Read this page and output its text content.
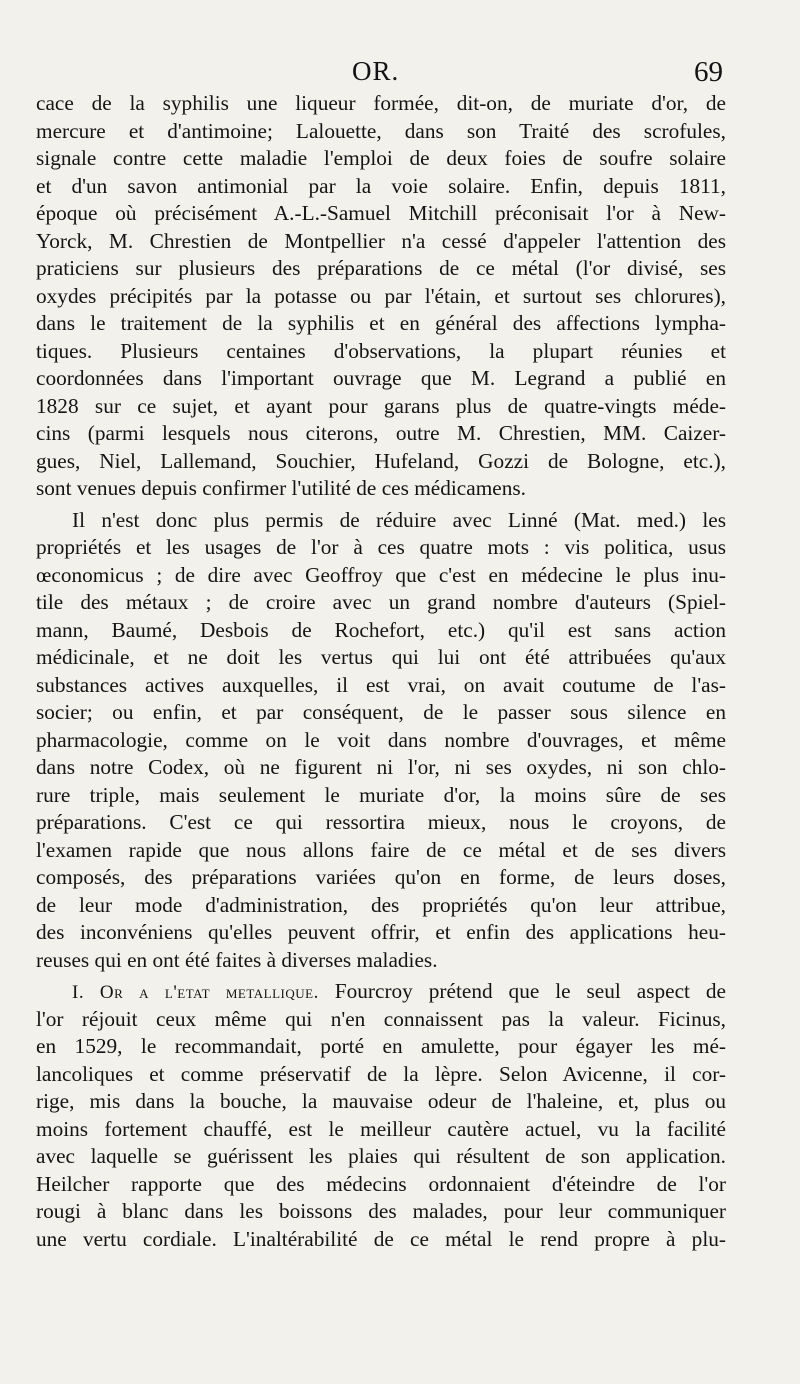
OR.	69
cace de la syphilis une liqueur formée, dit-on, de muriate d'or, de
mercure et d'antimoine; Lalouette, dans son Traité des scrofules,
signale contre cette maladie l'emploi de deux foies de soufre solaire
et d'un savon antimonial par la voie solaire. Enfin, depuis 1811,
époque où précisément A.-L.-Samuel Mitchill préconisait l'or à New-
Yorck, M. Chrestien de Montpellier n'a cessé d'appeler l'attention des
praticiens sur plusieurs des préparations de ce métal (l'or divisé, ses
oxydes précipités par la potasse ou par l'étain, et surtout ses chlorures),
dans le traitement de la syphilis et en général des affections lympha-
tiques. Plusieurs centaines d'observations, la plupart réunies et
coordonnées dans l'important ouvrage que M. Legrand a publié en
1828 sur ce sujet, et ayant pour garans plus de quatre-vingts méde-
cins (parmi lesquels nous citerons, outre M. Chrestien, MM. Caizer-
gues, Niel, Lallemand, Souchier, Hufeland, Gozzi de Bologne, etc.),
sont venues depuis confirmer l'utilité de ces médicamens.
Il n'est donc plus permis de réduire avec Linné (Mat. med.) les
propriétés et les usages de l'or à ces quatre mots : vis politica, usus
œconomicus ; de dire avec Geoffroy que c'est en médecine le plus inu-
tile des métaux ; de croire avec un grand nombre d'auteurs (Spiel-
mann, Baumé, Desbois de Rochefort, etc.) qu'il est sans action
médicinale, et ne doit les vertus qui lui ont été attribuées qu'aux
substances actives auxquelles, il est vrai, on avait coutume de l'as-
socier; ou enfin, et par conséquent, de le passer sous silence en
pharmacologie, comme on le voit dans nombre d'ouvrages, et même
dans notre Codex, où ne figurent ni l'or, ni ses oxydes, ni son chlo-
rure triple, mais seulement le muriate d'or, la moins sûre de ses
préparations. C'est ce qui ressortira mieux, nous le croyons, de
l'examen rapide que nous allons faire de ce métal et de ses divers
composés, des préparations variées qu'on en forme, de leurs doses,
de leur mode d'administration, des propriétés qu'on leur attribue,
des inconvéniens qu'elles peuvent offrir, et enfin des applications heu-
reuses qui en ont été faites à diverses maladies.
I. Or a l'etat metallique. Fourcroy prétend que le seul aspect de
l'or réjouit ceux même qui n'en connaissent pas la valeur. Ficinus,
en 1529, le recommandait, porté en amulette, pour égayer les mé-
lancoliques et comme préservatif de la lèpre. Selon Avicenne, il cor-
rige, mis dans la bouche, la mauvaise odeur de l'haleine, et, plus ou
moins fortement chauffé, est le meilleur cautère actuel, vu la facilité
avec laquelle se guérissent les plaies qui résultent de son application.
Heilcher rapporte que des médecins ordonnaient d'éteindre de l'or
rougi à blanc dans les boissons des malades, pour leur communiquer
une vertu cordiale. L'inaltérabilité de ce métal le rend propre à plu-
